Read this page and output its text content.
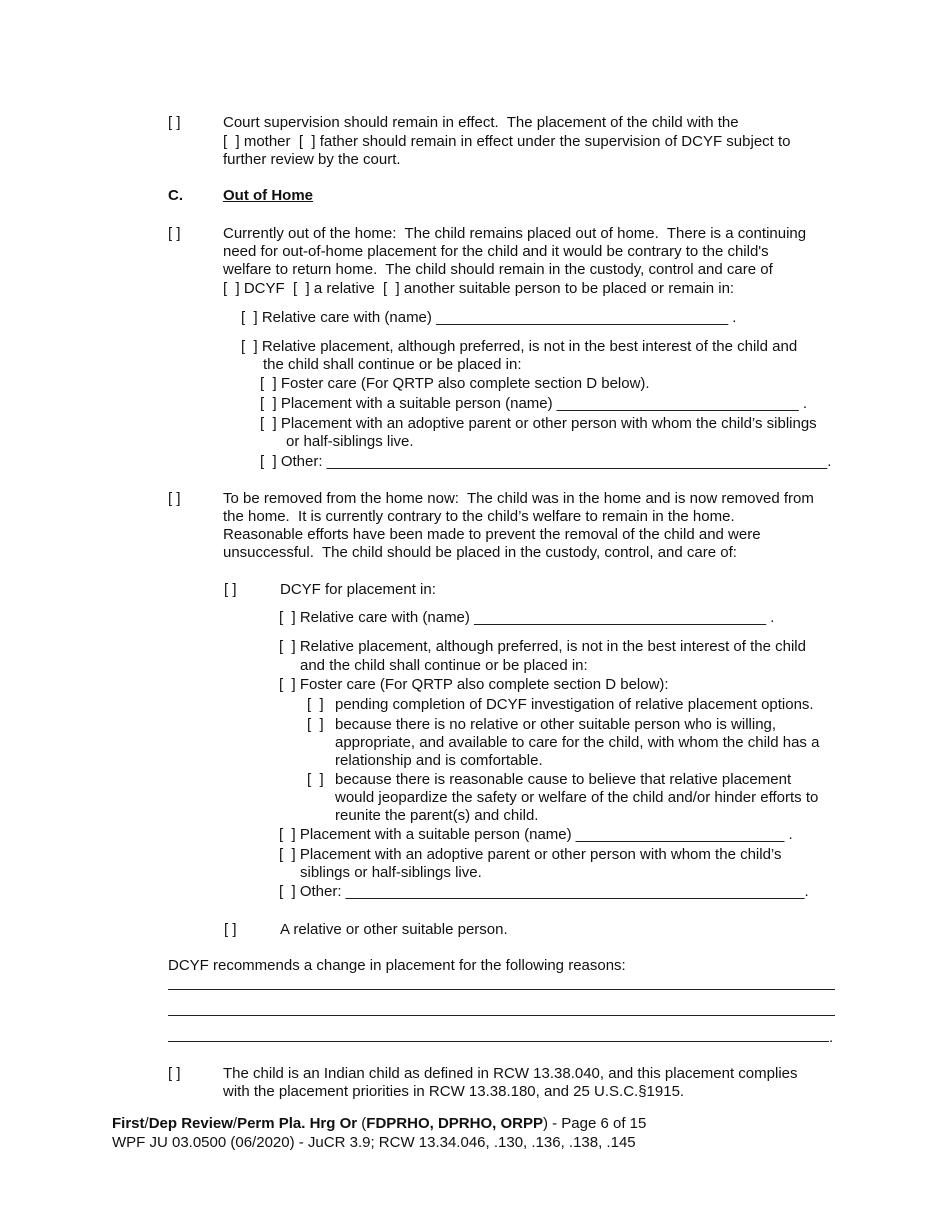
[ ]	Court supervision should remain in effect.  The placement of the child with the
[  ] mother  [  ] father should remain in effect under the supervision of DCYF subject to
further review by the court.
C.	Out of Home
[ ]	Currently out of the home:  The child remains placed out of home.  There is a continuing
need for out-of-home placement for the child and it would be contrary to the child's
welfare to return home.  The child should remain in the custody, control and care of
[  ] DCYF  [  ] a relative  [  ] another suitable person to be placed or remain in:
[  ] Relative care with (name) ___________________________________ .
[  ] Relative placement, although preferred, is not in the best interest of the child and
the child shall continue or be placed in:
[  ] Foster care (For QRTP also complete section D below).
[  ] Placement with a suitable person (name) _____________________________ .
[  ] Placement with an adoptive parent or other person with whom the child’s siblings
or half-siblings live.
[  ] Other: ____________________________________________________________.
[ ]	To be removed from the home now:  The child was in the home and is now removed from
the home.  It is currently contrary to the child’s welfare to remain in the home.
Reasonable efforts have been made to prevent the removal of the child and were
unsuccessful.  The child should be placed in the custody, control, and care of:
[ ]	DCYF for placement in:
[  ] Relative care with (name) ___________________________________ .
[  ] Relative placement, although preferred, is not in the best interest of the child
and the child shall continue or be placed in:
[  ] Foster care (For QRTP also complete section D below):
[  ] pending completion of DCYF investigation of relative placement options.
[  ] because there is no relative or other suitable person who is willing,
appropriate, and available to care for the child, with whom the child has a
relationship and is comfortable.
[  ] because there is reasonable cause to believe that relative placement
would jeopardize the safety or welfare of the child and/or hinder efforts to
reunite the parent(s) and child.
[  ] Placement with a suitable person (name) _________________________ .
[  ] Placement with an adoptive parent or other person with whom the child’s
siblings or half-siblings live.
[  ] Other: _______________________________________________________.
[ ]	A relative or other suitable person.
DCYF recommends a change in placement for the following reasons:
.
[ ]	The child is an Indian child as defined in RCW 13.38.040, and this placement complies
with the placement priorities in RCW 13.38.180, and 25 U.S.C.§1915.
First/Dep Review/Perm Pla. Hrg Or (FDPRHO, DPRHO, ORPP) - Page 6 of 15
WPF JU 03.0500 (06/2020) - JuCR 3.9; RCW 13.34.046, .130, .136, .138, .145
